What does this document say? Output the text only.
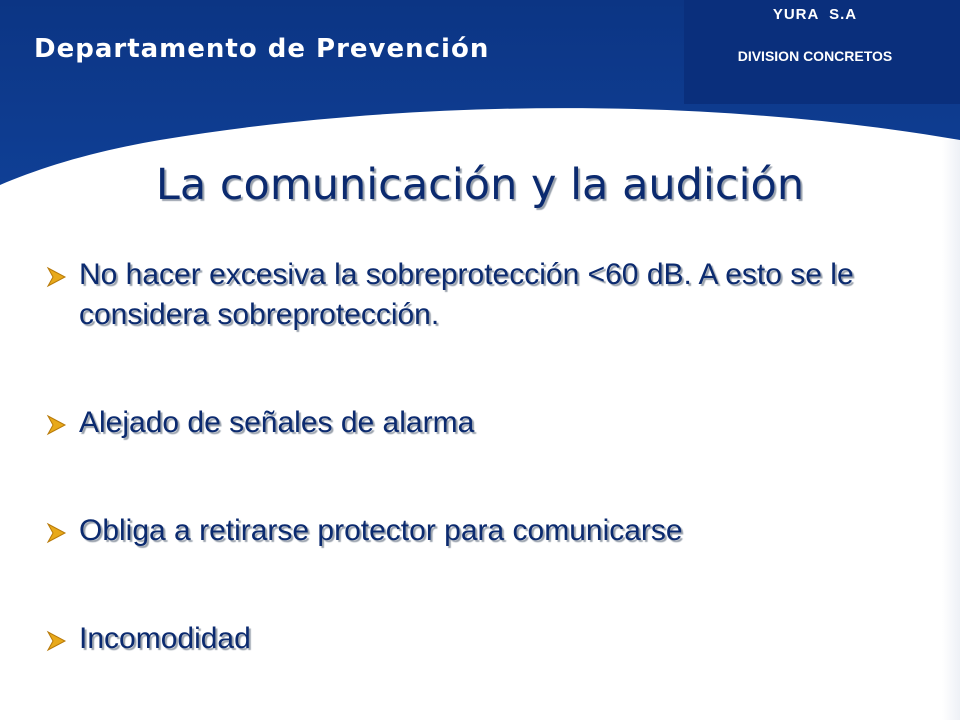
Departamento de Prevención
YURA  S.A
DIVISION CONCRETOS
La comunicación y la audición
No hacer excesiva la sobreprotección <60 dB. A esto se le considera sobreprotección.
Alejado de señales de alarma
Obliga a retirarse protector para comunicarse
Incomodidad
